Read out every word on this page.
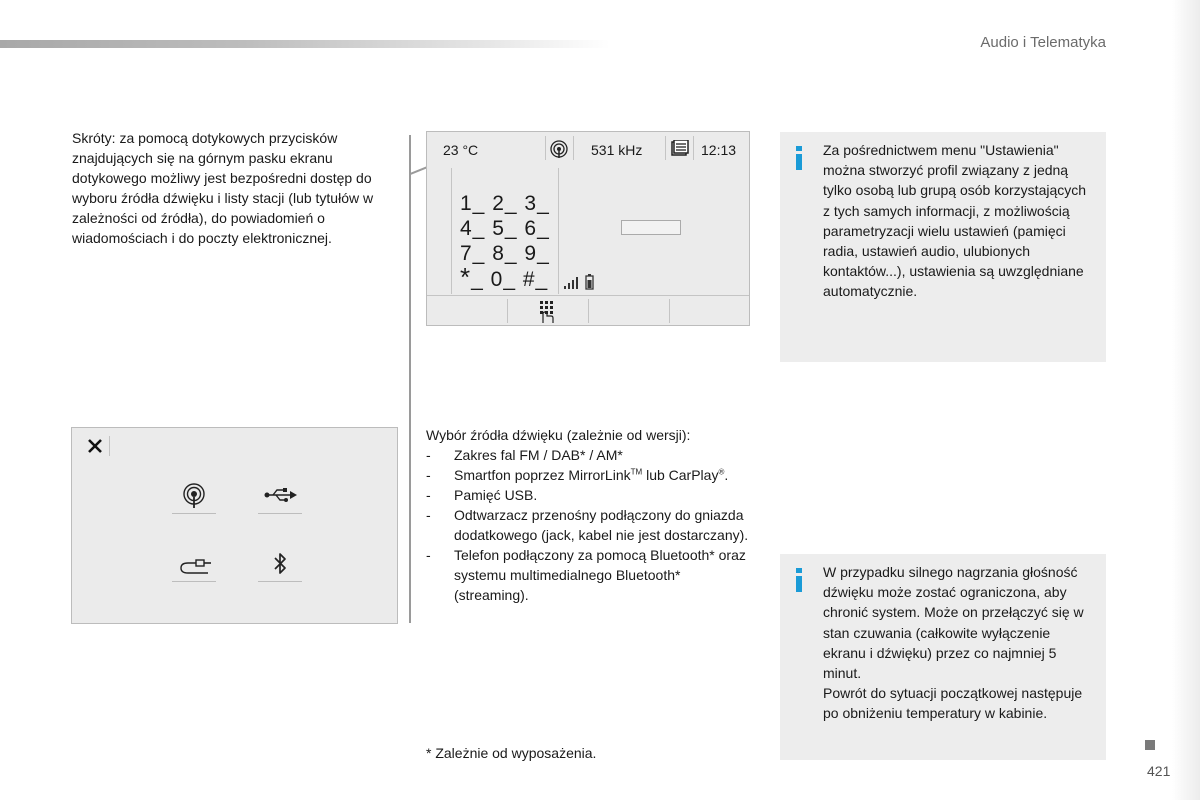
Audio i Telematyka
Skróty: za pomocą dotykowych przycisków znajdujących się na górnym pasku ekranu dotykowego możliwy jest bezpośredni dostęp do wyboru źródła dźwięku i listy stacji (lub tytułów w zależności od źródła), do powiadomień o wiadomościach i do poczty elektronicznej.
23 °C	531 kHz	12:13
1_ 2_ 3_
4_ 5_ 6_
7_ 8_ 9_
*_ 0_ #_

Wybór źródła dźwięku (zależnie od wersji):

- Zakres fal FM / DAB* / AM*
- Smartfon poprzez MirrorLink™ lub CarPlay®.
- Pamięć USB.
- Odtwarzacz przenośny podłączony do gniazda dodatkowego (jack, kabel nie jest dostarczany).
- Telefon podłączony za pomocą Bluetooth* oraz systemu multimedialnego Bluetooth* (streaming).
* Zależnie od wyposażenia.
Za pośrednictwem menu "Ustawienia" można stworzyć profil związany z jedną tylko osobą lub grupą osób korzystających z tych samych informacji, z możliwością parametryzacji wielu ustawień (pamięci radia, ustawień audio, ulubionych kontaktów...), ustawienia są uwzględniane automatycznie.
W przypadku silnego nagrzania głośność dźwięku może zostać ograniczona, aby chronić system. Może on przełączyć się w stan czuwania (całkowite wyłączenie ekranu i dźwięku) przez co najmniej 5 minut.
Powrót do sytuacji początkowej następuje po obniżeniu temperatury w kabinie.
421
